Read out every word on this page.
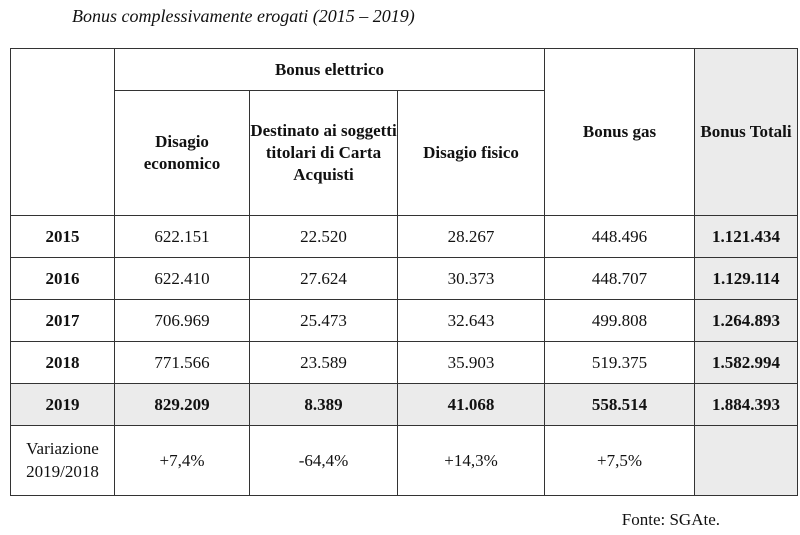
Bonus complessivamente erogati (2015 – 2019)
	Bonus elettrico			Bonus gas	Bonus Totali
	Disagio economico	Destinato ai soggetti titolari di Carta Acquisti	Disagio fisico		
2015	622.151	22.520	28.267	448.496	1.121.434
2016	622.410	27.624	30.373	448.707	1.129.114
2017	706.969	25.473	32.643	499.808	1.264.893
2018	771.566	23.589	35.903	519.375	1.582.994
2019	829.209	8.389	41.068	558.514	1.884.393
Variazione 2019/2018	+7,4%	-64,4%	+14,3%	+7,5%	
Fonte: SGAte.
